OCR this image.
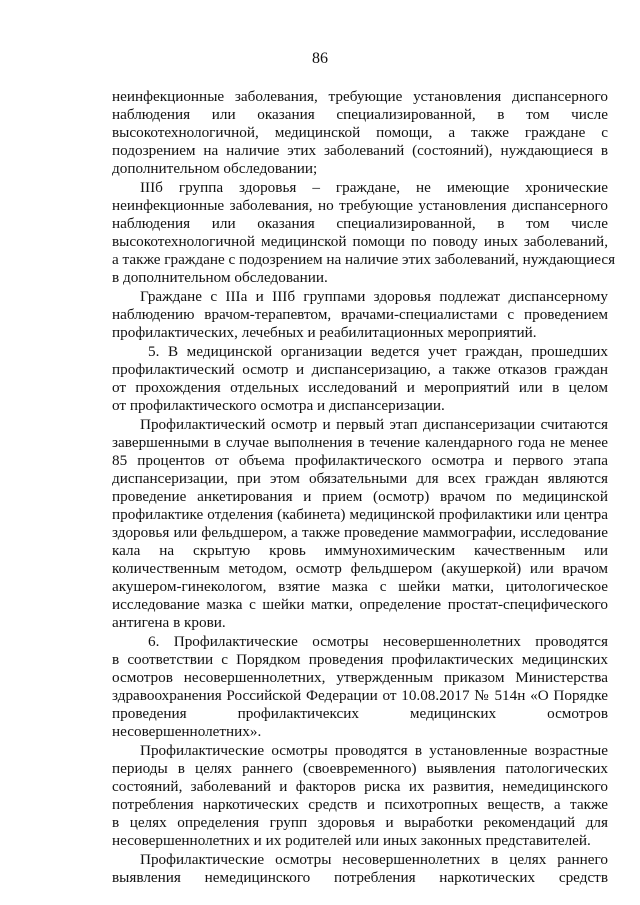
86
неинфекционные заболевания, требующие установления диспансерного
наблюдения или оказания специализированной, в том числе
высокотехнологичной, медицинской помощи, а также граждане с
подозрением на наличие этих заболеваний (состояний), нуждающиеся в
дополнительном обследовании;
IIIб группа здоровья – граждане, не имеющие хронические
неинфекционные заболевания, но требующие установления диспансерного
наблюдения или оказания специализированной, в том числе
высокотехнологичной медицинской помощи по поводу иных заболеваний,
а также граждане с подозрением на наличие этих заболеваний, нуждающиеся
в дополнительном обследовании.
Граждане с IIIа и IIIб группами здоровья подлежат диспансерному
наблюдению врачом-терапевтом, врачами-специалистами с проведением
профилактических, лечебных и реабилитационных мероприятий.
5. В медицинской организации ведется учет граждан, прошедших
профилактический осмотр и диспансеризацию, а также отказов граждан
от прохождения отдельных исследований и мероприятий или в целом
от профилактического осмотра и диспансеризации.
Профилактический осмотр и первый этап диспансеризации считаются
завершенными в случае выполнения в течение календарного года не менее
85 процентов от объема профилактического осмотра и первого этапа
диспансеризации, при этом обязательными для всех граждан являются
проведение анкетирования и прием (осмотр) врачом по медицинской
профилактике отделения (кабинета) медицинской профилактики или центра
здоровья или фельдшером, а также проведение маммографии, исследование
кала на скрытую кровь иммунохимическим качественным или
количественным методом, осмотр фельдшером (акушеркой) или врачом
акушером-гинекологом, взятие мазка с шейки матки, цитологическое
исследование мазка с шейки матки, определение простат-специфического
антигена в крови.
6. Профилактические осмотры несовершеннолетних проводятся
в соответствии с Порядком проведения профилактических медицинских
осмотров несовершеннолетних, утвержденным приказом Министерства
здравоохранения Российской Федерации от 10.08.2017 № 514н «О Порядке
проведения профилактичексих медицинских осмотров
несовершеннолетних».
Профилактические осмотры проводятся в установленные возрастные
периоды в целях раннего (своевременного) выявления патологических
состояний, заболеваний и факторов риска их развития, немедицинского
потребления наркотических средств и психотропных веществ, а также
в целях определения групп здоровья и выработки рекомендаций для
несовершеннолетних и их родителей или иных законных представителей.
Профилактические осмотры несовершеннолетних в целях раннего
выявления немедицинского потребления наркотических средств
